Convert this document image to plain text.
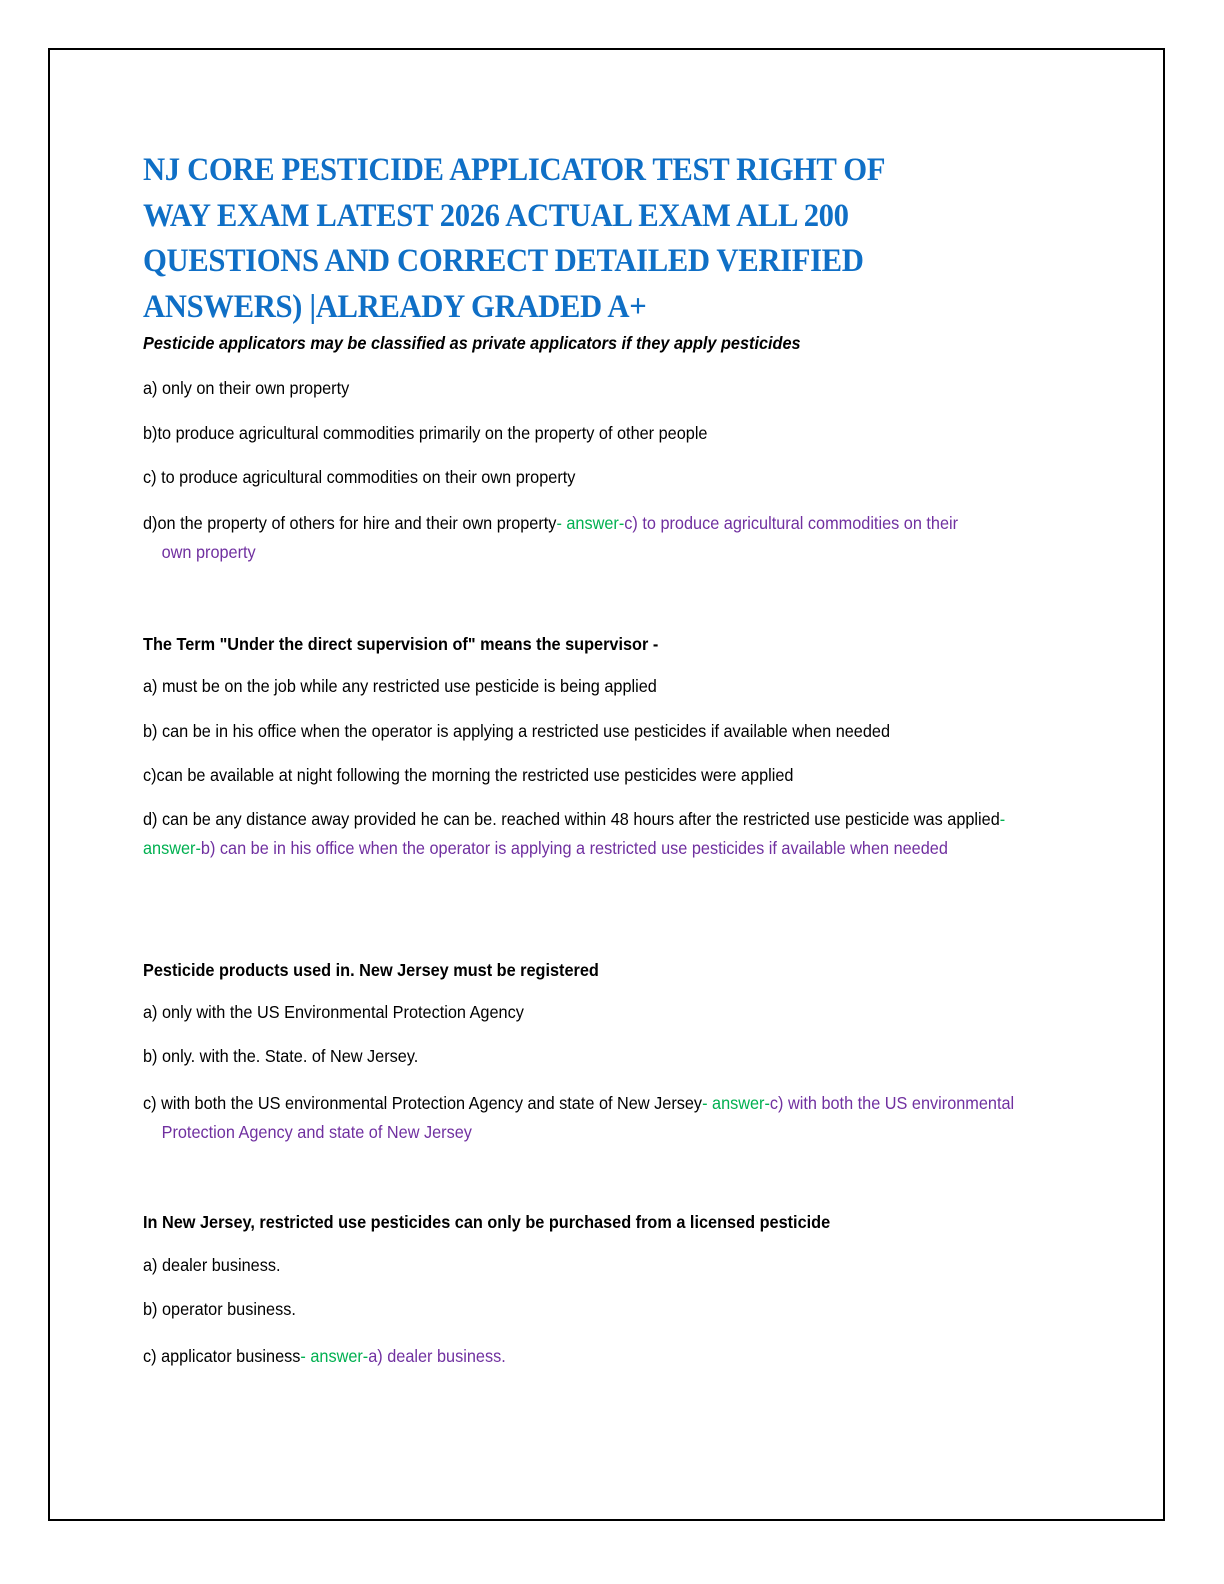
NJ CORE PESTICIDE APPLICATOR TEST RIGHT OF
WAY EXAM LATEST 2026 ACTUAL EXAM ALL 200
QUESTIONS AND CORRECT DETAILED VERIFIED
ANSWERS) |ALREADY GRADED A+

Pesticide applicators may be classified as private applicators if they apply pesticides

a) only on their own property

b)to produce agricultural commodities primarily on the property of other people

c) to produce agricultural commodities on their own property

d)on the property of others for hire and their own property- answer-c) to produce agricultural commodities on their own property

The Term "Under the direct supervision of" means the supervisor -

a) must be on the job while any restricted use pesticide is being applied

b) can be in his office when the operator is applying a restricted use pesticides if available when needed

c)can be available at night following the morning the restricted use pesticides were applied

d) can be any distance away provided he can be. reached within 48 hours after the restricted use pesticide was applied- answer-b) can be in his office when the operator is applying a restricted use pesticides if available when needed

Pesticide products used in. New Jersey must be registered

a) only with the US Environmental Protection Agency

b) only. with the. State. of New Jersey.

c) with both the US environmental Protection Agency and state of New Jersey- answer-c) with both the US environmental Protection Agency and state of New Jersey

In New Jersey, restricted use pesticides can only be purchased from a licensed pesticide

a) dealer business.

b) operator business.

c) applicator business- answer-a) dealer business.
